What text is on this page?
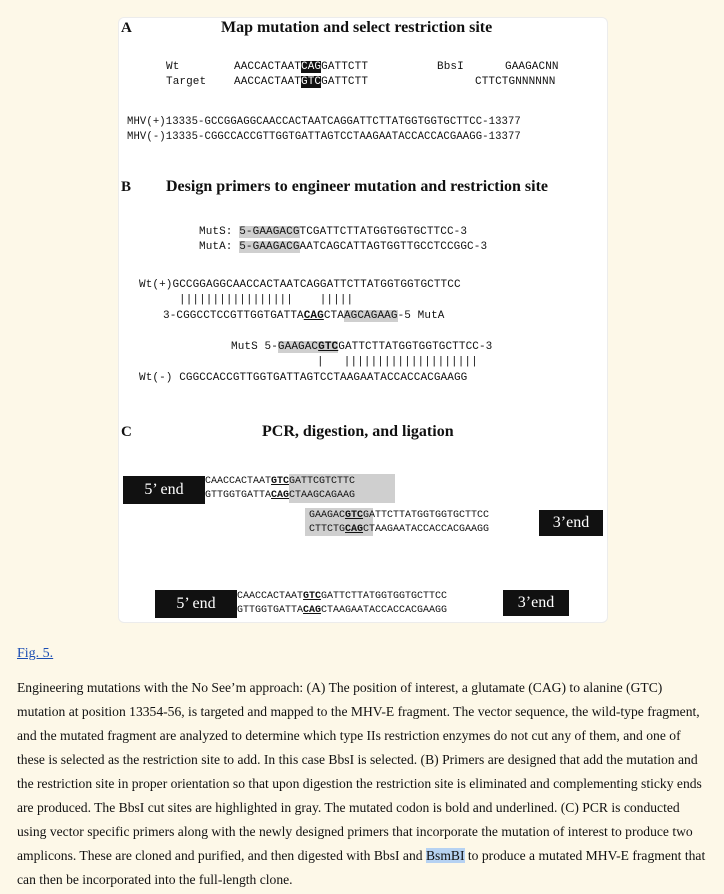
A	Map mutation and select restriction site
Wt	AACCACTAATCAGGATTCTT
Target	AACCACTAATGTCGATTCTT
BbsI	GAAGACNN
CTTCTGNNNNNN
MHV(+)13335-GCCGGAGGCAACCACTAATCAGGATTCTTATGGTGGTGCTTCC-13377
MHV(-)13335-CGGCCACCGTTGGTGATTAGTCCTAAGAATACCACCACGAAGG-13377
B Design primers to engineer mutation and restriction site
MutS: 5-GAAGACGTCGATTCTTATGGTGGTGCTTCC-3
MutA: 5-GAAGACGAATCAGCATTAGTGGTTGCCTCCGGC-3
Wt(+)GCCGGAGGCAACCACTAATCAGGATTCTTATGGTGGTGCTTCC
|||||||||||||||||    |||||
3-CGGCCTCCGTTGGTGATTACAGCTAAGCAGAAG-5 MutA
MutS 5-GAAGACGTCGATTCTTATGGTGGTGCTTCC-3
|   ||||||||||||||||||||
Wt(-) CGGCCACCGTTGGTGATTAGTCCTAAGAATACCACCACGAAGG
C	PCR, digestion, and ligation
5’ end	CAACCACTAATGTCGATTCGTCTTC
GTTGGTGATTACAGCTAAGCAGAAG
GAAGACGTCGATTCTTATGGTGGTGCTTCC
CTTCTGCAGCTAAGAATACCACCACGAAGG	3’end
5’ end	CAACCACTAATGTCGATTCTTATGGTGGTGCTTCC
GTTGGTGATTACAGCTAAGAATACCACCACGAAGG	3’end
Fig. 5.
Engineering mutations with the No See’m approach: (A) The position of interest, a glutamate (CAG) to alanine (GTC) mutation at position 13354-56, is targeted and mapped to the MHV-E fragment. The vector sequence, the wild-type fragment, and the mutated fragment are analyzed to determine which type IIs restriction enzymes do not cut any of them, and one of these is selected as the restriction site to add. In this case BbsI is selected. (B) Primers are designed that add the mutation and the restriction site in proper orientation so that upon digestion the restriction site is eliminated and complementing sticky ends are produced. The BbsI cut sites are highlighted in gray. The mutated codon is bold and underlined. (C) PCR is conducted using vector specific primers along with the newly designed primers that incorporate the mutation of interest to produce two amplicons. These are cloned and purified, and then digested with BbsI and BsmBI to produce a mutated MHV-E fragment that can then be incorporated into the full-length clone.
